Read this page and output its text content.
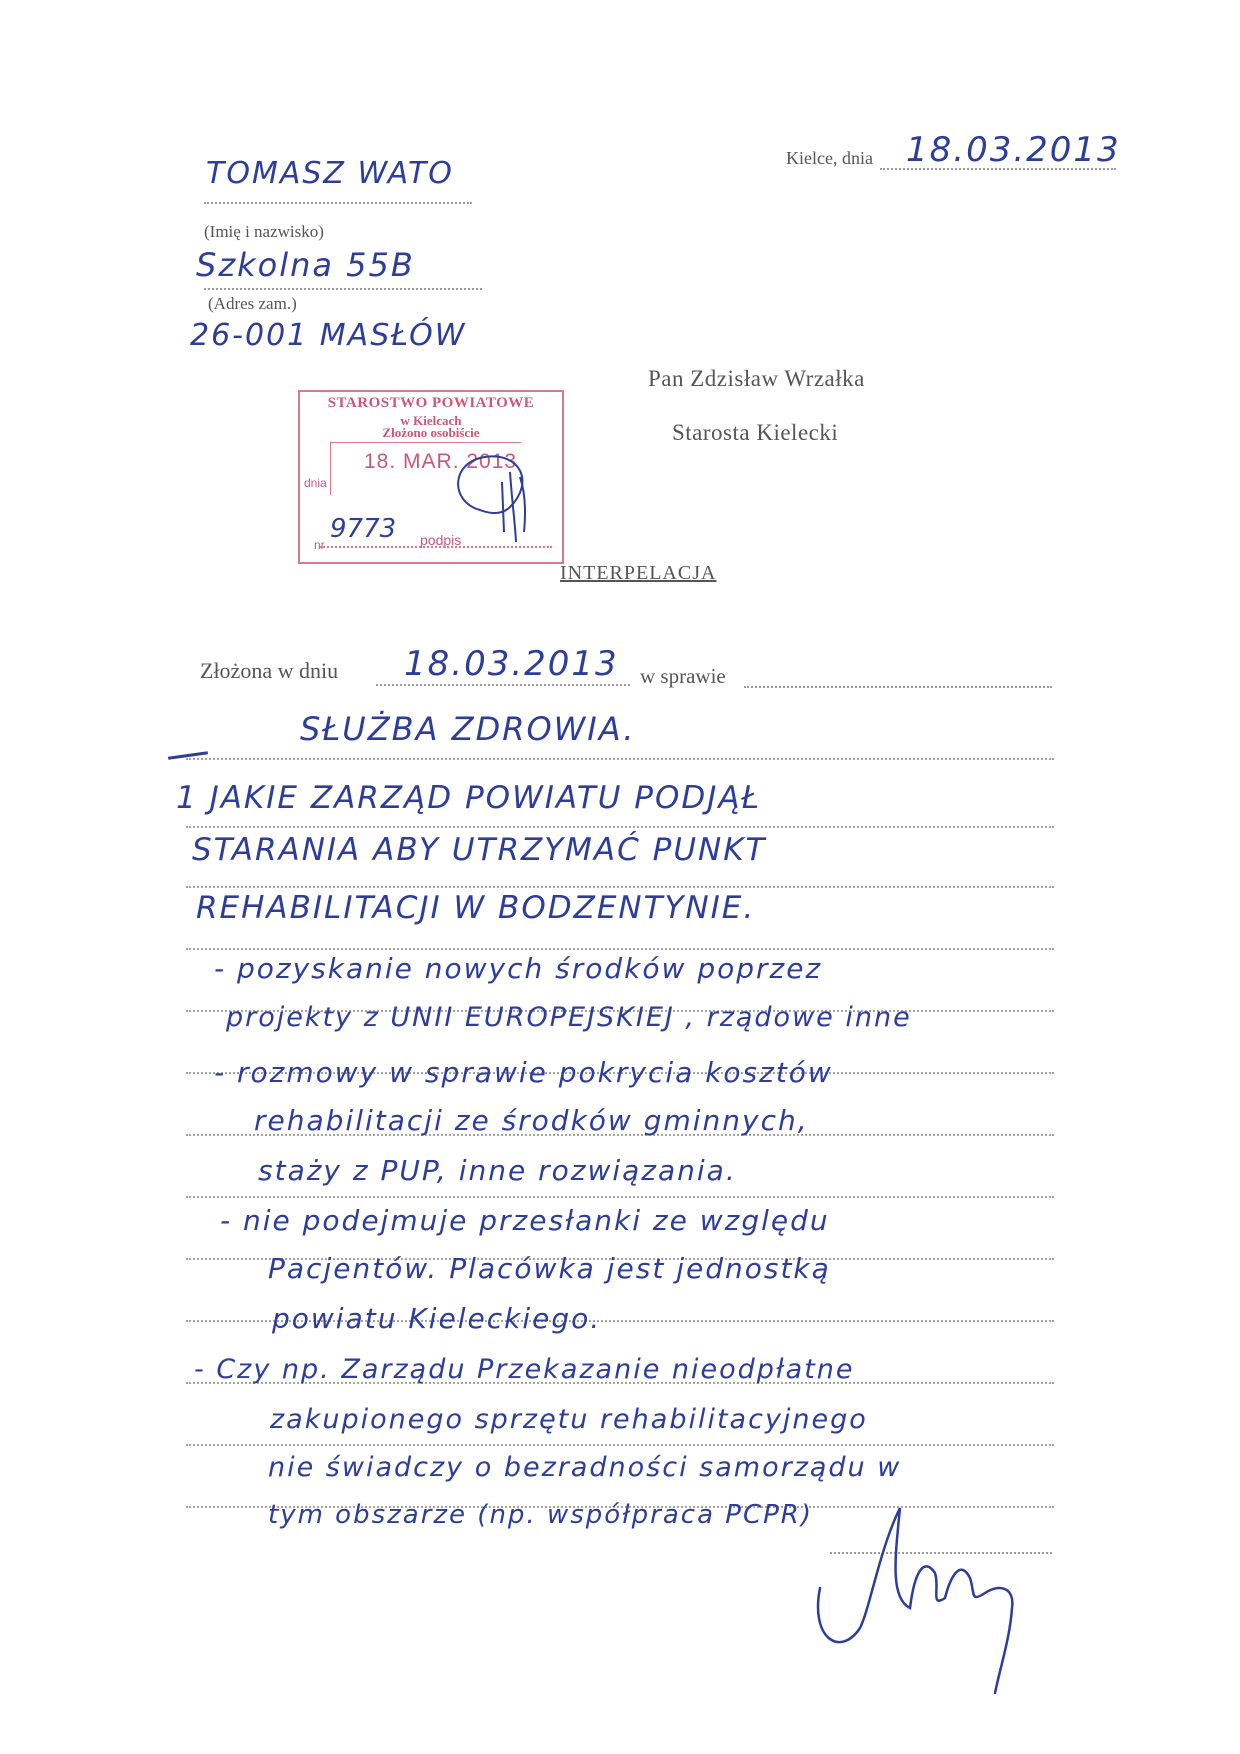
Kielce, dnia 18.03.2013
TOMASZ WATO
(Imię i nazwisko)
Szkolna 55B
(Adres zam.)
26-001 MASŁÓW
Pan Zdzisław Wrzałka
Starosta Kielecki
STAROSTWO POWIATOWE
w Kielcach
Złożono osobiście
dnia
18. MAR. 2013
nr
9773 podpis
INTERPELACJA
Złożona w dniu 18.03.2013 w sprawie
SŁUŻBA ZDROWIA.
1 JAKIE ZARZĄD POWIATU PODJĄŁ
STARANIA ABY UTRZYMAĆ PUNKT
REHABILITACJI W BODZENTYNIE.
- pozyskanie nowych środków poprzez
projekty z UNII EUROPEJSKIEJ , rządowe inne
- rozmowy w sprawie pokrycia kosztów
rehabilitacji ze środków gminnych,
staży z PUP, inne rozwiązania.
- nie podejmuje przesłanki ze względu
Pacjentów. Placówka jest jednostką
powiatu Kieleckiego.
- Czy np. Zarządu Przekazanie nieodpłatne
zakupionego sprzętu rehabilitacyjnego
nie świadczy o bezradności samorządu w
tym obszarze (np. współpraca PCPR)
